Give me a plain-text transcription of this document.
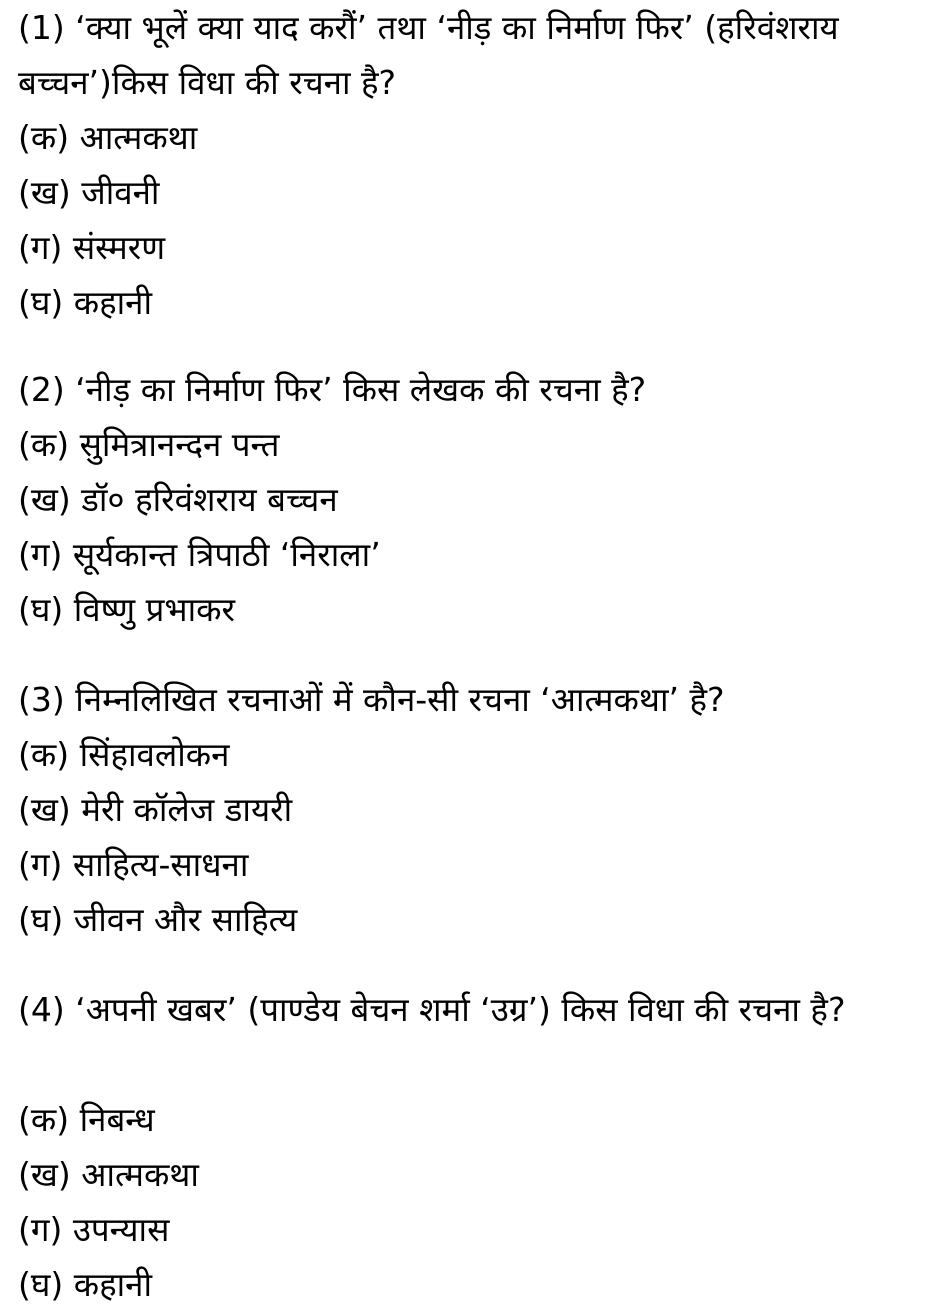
(1) ‘क्या भूलें क्या याद करौं’ तथा ‘नीड़ का निर्माण फिर’ (हरिवंशराय बच्चन’)किस विधा की रचना है?

(क) आत्मकथा
(ख) जीवनी
(ग) संस्मरण
(घ) कहानी

(2) ‘नीड़ का निर्माण फिर’ किस लेखक की रचना है?

(क) सुमित्रानन्दन पन्त
(ख) डॉ० हरिवंशराय बच्चन
(ग) सूर्यकान्त त्रिपाठी ‘निराला’
(घ) विष्णु प्रभाकर

(3) निम्नलिखित रचनाओं में कौन-सी रचना ‘आत्मकथा’ है?

(क) सिंहावलोकन
(ख) मेरी कॉलेज डायरी
(ग) साहित्य-साधना
(घ) जीवन और साहित्य

(4) ‘अपनी खबर’ (पाण्डेय बेचन शर्मा ‘उग्र’) किस विधा की रचना है?

(क) निबन्ध
(ख) आत्मकथा
(ग) उपन्यास
(घ) कहानी
